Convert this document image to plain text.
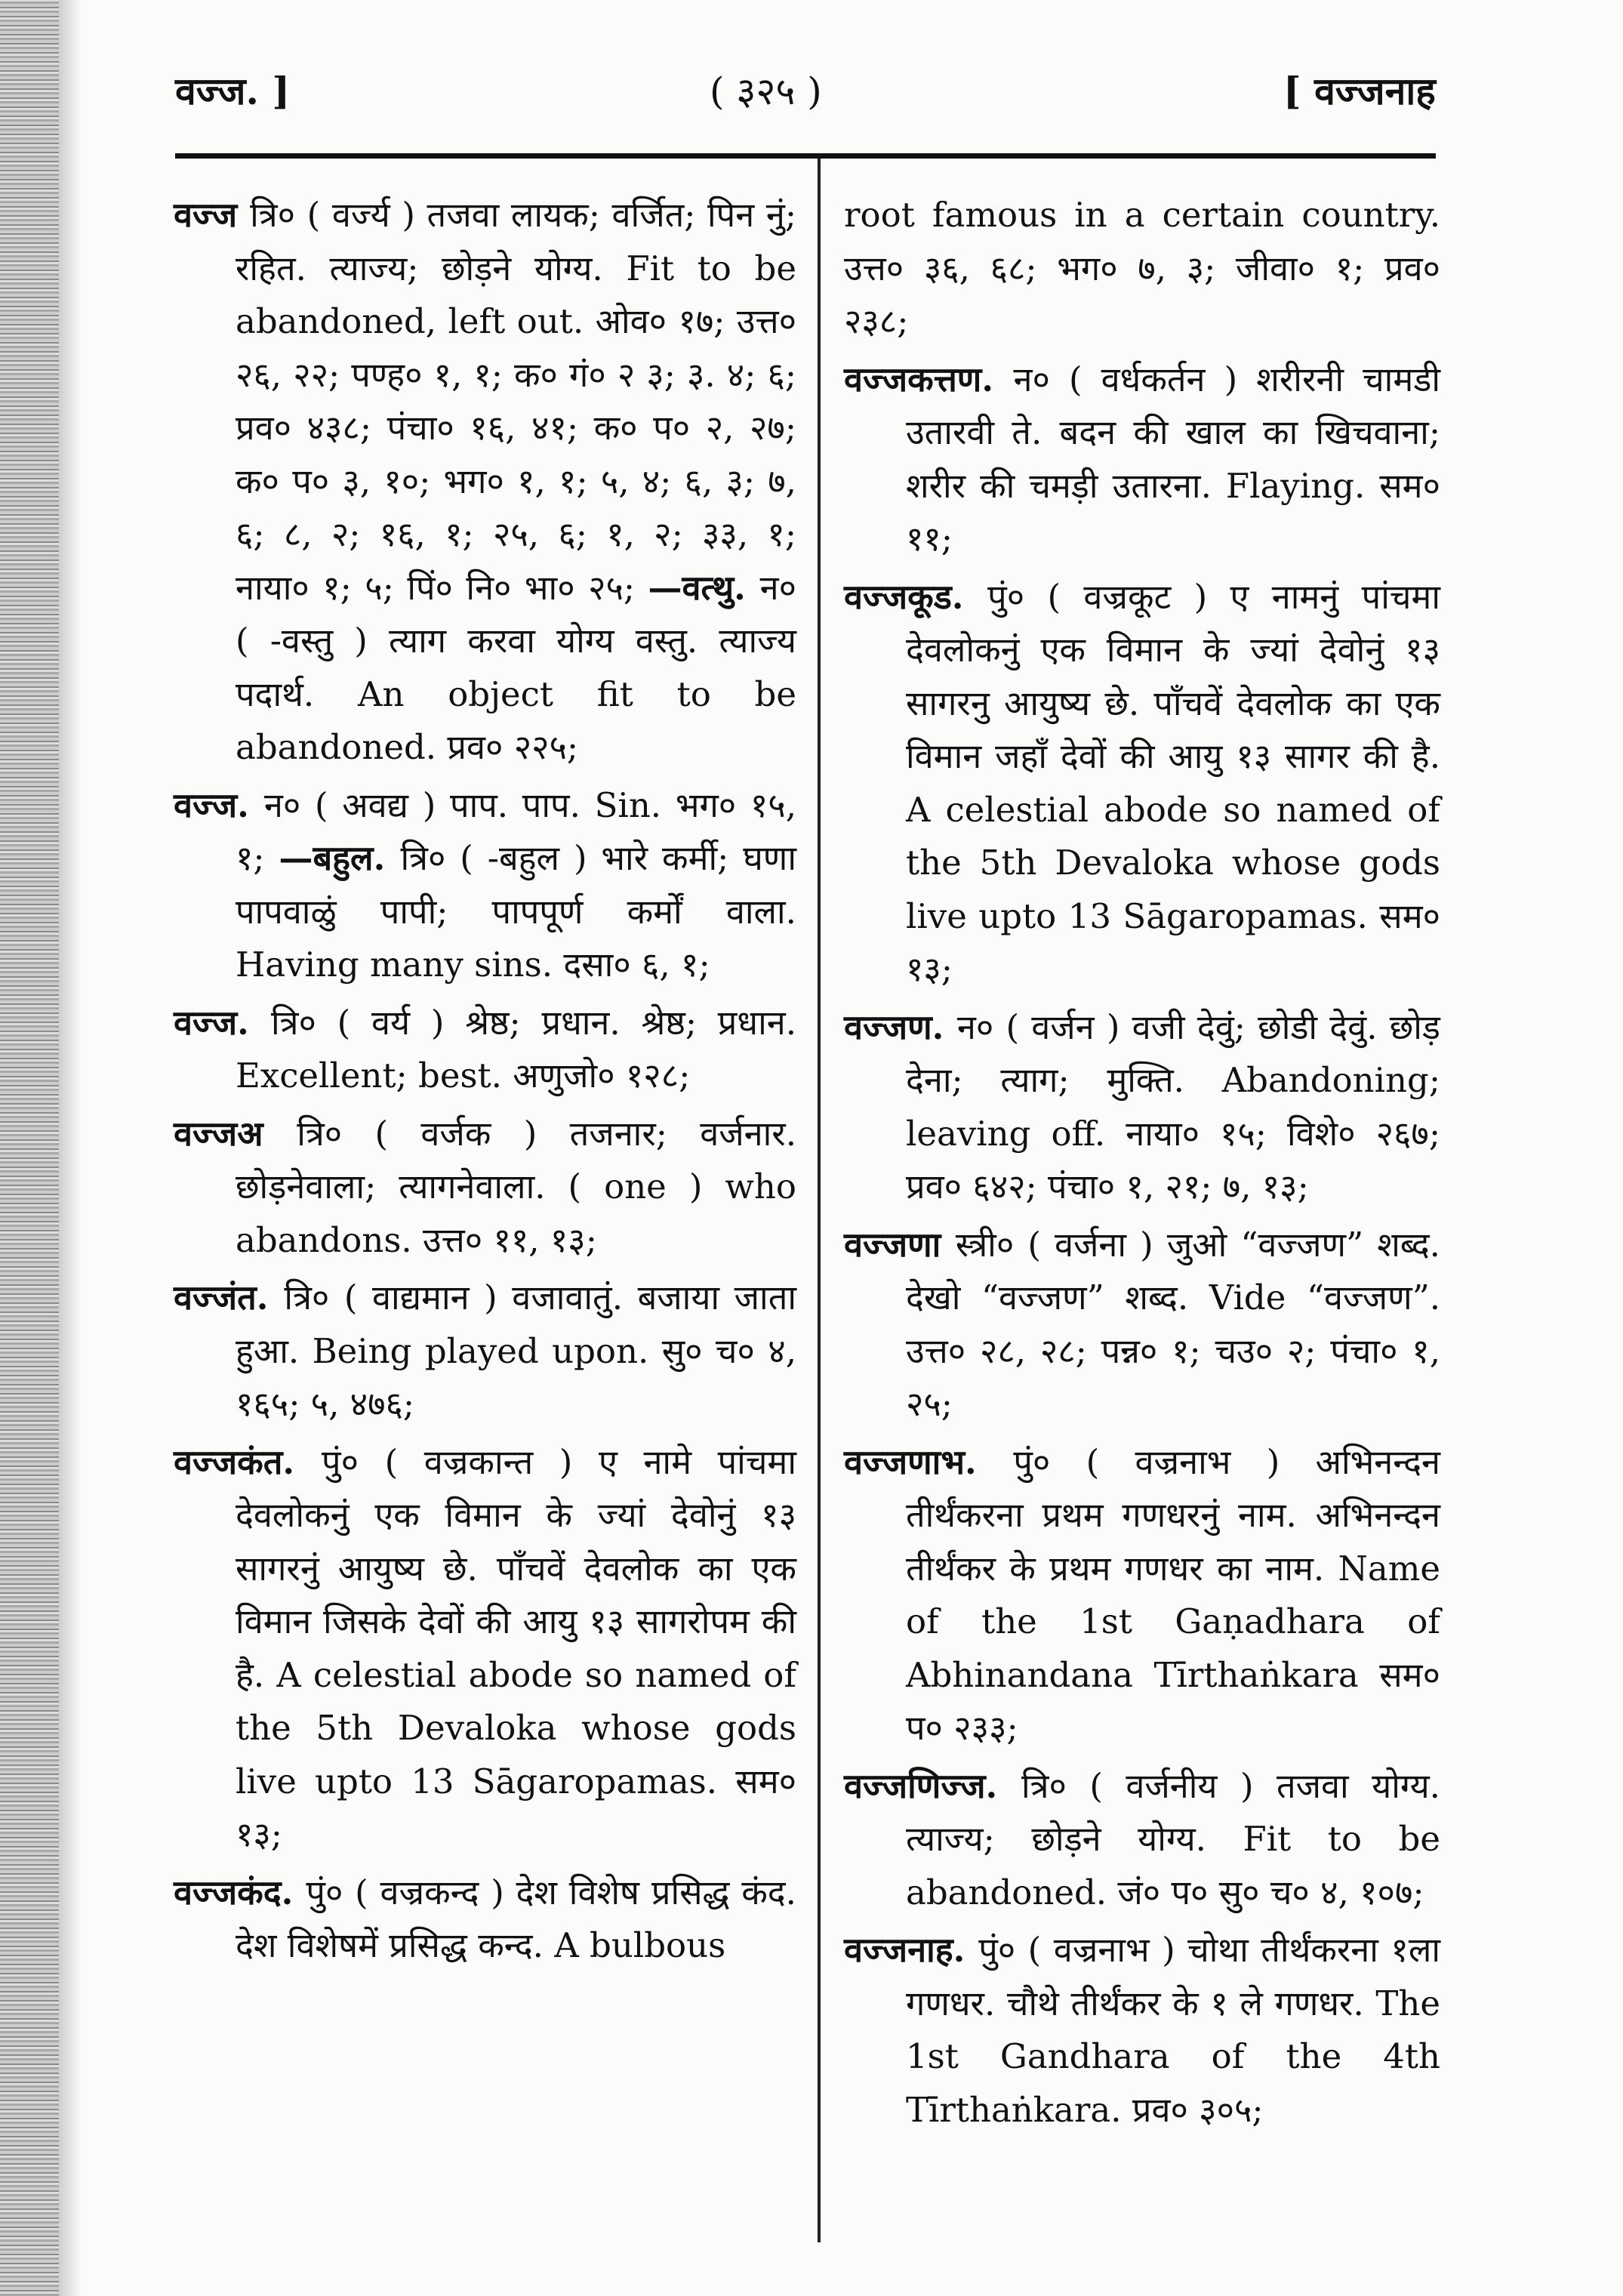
वज्ज. ]	( ३२५ )	[ वज्जनाह

वज्ज त्रि० ( वर्ज्य ) तजवा लायक; वर्जित; पिन नुं; रहित. त्याज्य; छोड़ने योग्य. Fit to be abandoned, left out. ओव० १७; उत्त० २६, २२; पण्ह० १, १; क० गं० २ ३; ३. ४; ६; प्रव० ४३८; पंचा० १६, ४१; क० प० २, २७; क० प० ३, १०; भग० १, १; ५, ४; ६, ३; ७, ६; ८, २; १६, १; २५, ६; १, २; ३३, १; नाया० १; ५; पिं० नि० भा० २५; —वत्थु. न० ( -वस्तु ) त्याग करवा योग्य वस्तु. त्याज्य पदार्थ. An object fit to be abandoned. प्रव० २२५;

वज्ज. न० ( अवद्य ) पाप. पाप. Sin. भग० १५, १; —बहुल. त्रि० ( -बहुल ) भारे कर्मी; घणा पापवाळुं पापी; पापपूर्ण कर्मों वाला. Having many sins. दसा० ६, १;

वज्ज. त्रि० ( वर्य ) श्रेष्ठ; प्रधान. श्रेष्ठ; प्रधान. Excellent; best. अणुजो० १२८;

वज्जअ त्रि० ( वर्जक ) तजनार; वर्जनार. छोड़नेवाला; त्यागनेवाला. ( one ) who abandons. उत्त० ११, १३;

वज्जंत. त्रि० ( वाद्यमान ) वजावातुं. बजाया जाता हुआ. Being played upon. सु० च० ४, १६५; ५, ४७६;

वज्जकंत. पुं० ( वज्रकान्त ) ए नामे पांचमा देवलोकनुं एक विमान के ज्यां देवोनुं १३ सागरनुं आयुष्य छे. पाँचवें देवलोक का एक विमान जिसके देवों की आयु १३ सागरोपम की है. A celestial abode so named of the 5th Devaloka whose gods live upto 13 Sāgaropamas. सम० १३;

वज्जकंद. पुं० ( वज्रकन्द ) देश विशेष प्रसिद्ध कंद. देश विशेषमें प्रसिद्ध कन्द. A bulbous

root famous in a certain country. उत्त० ३६, ६८; भग० ७, ३; जीवा० १; प्रव० २३८;

वज्जकत्तण. न० ( वर्धकर्तन ) शरीरनी चामडी उतारवी ते. बदन की खाल का खिचवाना; शरीर की चमड़ी उतारना. Flaying. सम० ११;

वज्जकूड. पुं० ( वज्रकूट ) ए नामनुं पांचमा देवलोकनुं एक विमान के ज्यां देवोनुं १३ सागरनु आयुष्य छे. पाँचवें देवलोक का एक विमान जहाँ देवों की आयु १३ सागर की है. A celestial abode so named of the 5th Devaloka whose gods live upto 13 Sāgaropamas. सम० १३;

वज्जण. न० ( वर्जन ) वजी देवुं; छोडी देवुं. छोड़ देना; त्याग; मुक्ति. Abandoning; leaving off. नाया० १५; विशे० २६७; प्रव० ६४२; पंचा० १, २१; ७, १३;

वज्जणा स्त्री० ( वर्जना ) जुओ “वज्जण” शब्द. देखो “वज्जण” शब्द. Vide “वज्जण”. उत्त० २८, २८; पन्न० १; चउ० २; पंचा० १, २५;

वज्जणाभ. पुं० ( वज्रनाभ ) अभिनन्दन तीर्थंकरना प्रथम गणधरनुं नाम. अभिनन्दन तीर्थंकर के प्रथम गणधर का नाम. Name of the 1st Gaṇadhara of Abhinandana Tīrthaṅkara सम० प० २३३;

वज्जणिज्ज. त्रि० ( वर्जनीय ) तजवा योग्य. त्याज्य; छोड़ने योग्य. Fit to be abandoned. जं० प० सु० च० ४, १०७;

वज्जनाह. पुं० ( वज्रनाभ ) चोथा तीर्थंकरना १ला गणधर. चौथे तीर्थंकर के १ ले गणधर. The 1st Gandhara of the 4th Tīrthaṅkara. प्रव० ३०५;
